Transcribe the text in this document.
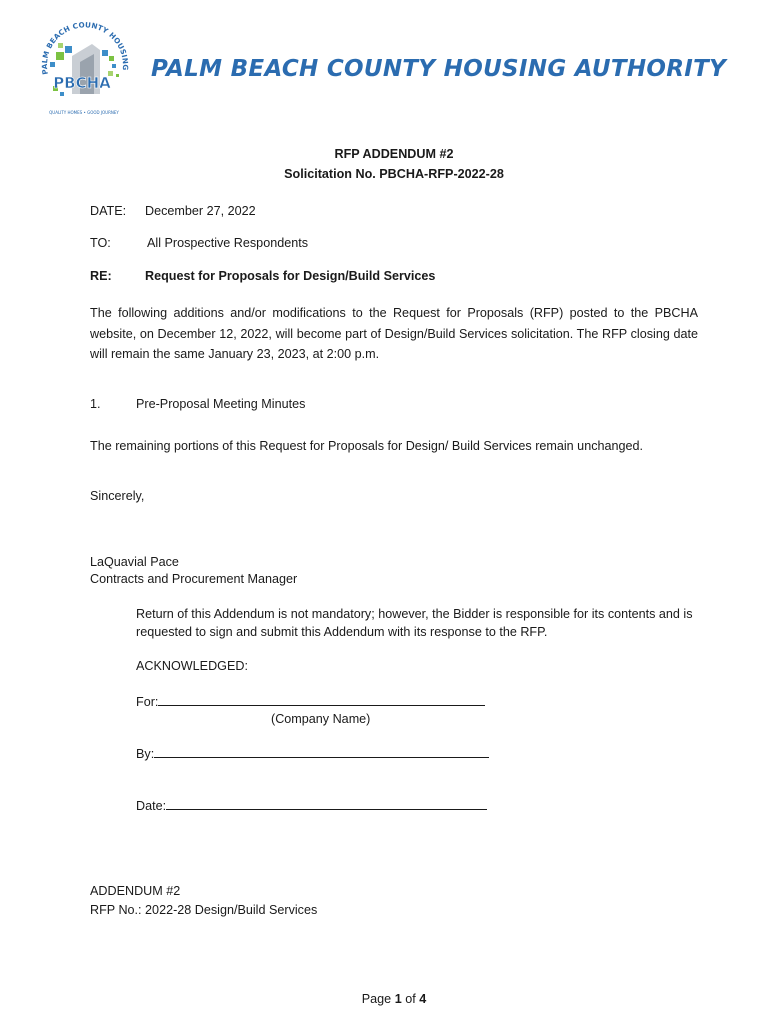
PALM BEACH COUNTY HOUSING
PBCHA
QUALITY HOMES • GOOD JOURNEY
PALM BEACH COUNTY HOUSING AUTHORITY
RFP ADDENDUM #2
Solicitation No. PBCHA-RFP-2022-28
DATE: December 27, 2022
TO:	All Prospective Respondents
RE:	Request for Proposals for Design/Build Services
The following additions and/or modifications to the Request for Proposals (RFP) posted to the PBCHA website, on December 12, 2022, will become part of Design/Build Services solicitation. The RFP closing date will remain the same January 23, 2023, at 2:00 p.m.
1.	Pre-Proposal Meeting Minutes
The remaining portions of this Request for Proposals for Design/ Build Services remain unchanged.
Sincerely,
LaQuavial Pace
Contracts and Procurement Manager
Return of this Addendum is not mandatory; however, the Bidder is responsible for its contents and is requested to sign and submit this Addendum with its response to the RFP.
ACKNOWLEDGED:
For:
(Company Name)
By:
Date:
ADDENDUM #2
RFP No.: 2022-28 Design/Build Services
Page 1 of 4
